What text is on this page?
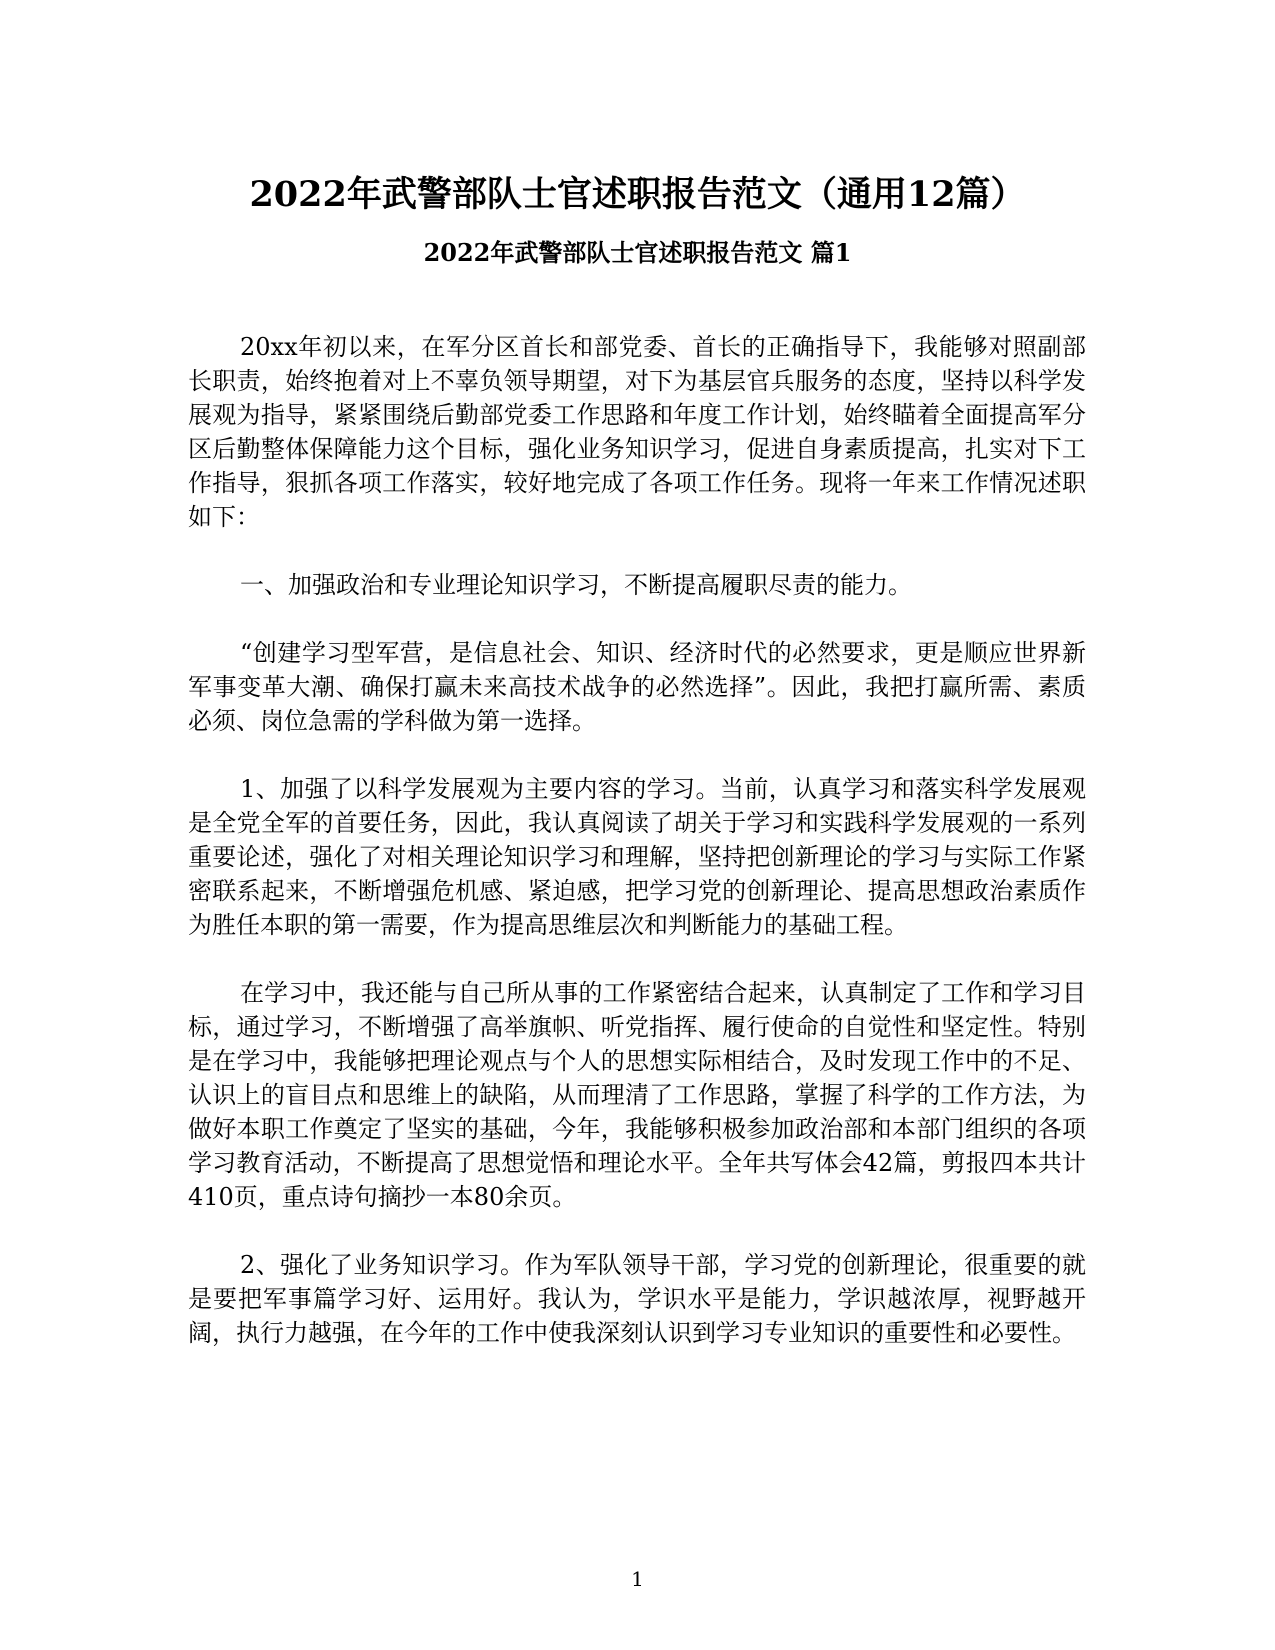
2022年武警部队士官述职报告范文（通用12篇）
2022年武警部队士官述职报告范文 篇1

20xx年初以来，在军分区首长和部党委、首长的正确指导下，我能够对照副部长职责，始终抱着对上不辜负领导期望，对下为基层官兵服务的态度，坚持以科学发展观为指导，紧紧围绕后勤部党委工作思路和年度工作计划，始终瞄着全面提高军分区后勤整体保障能力这个目标，强化业务知识学习，促进自身素质提高，扎实对下工作指导，狠抓各项工作落实，较好地完成了各项工作任务。现将一年来工作情况述职如下：

一、加强政治和专业理论知识学习，不断提高履职尽责的能力。

“创建学习型军营，是信息社会、知识、经济时代的必然要求，更是顺应世界新军事变革大潮、确保打赢未来高技术战争的必然选择”。因此，我把打赢所需、素质必须、岗位急需的学科做为第一选择。

1、加强了以科学发展观为主要内容的学习。当前，认真学习和落实科学发展观是全党全军的首要任务，因此，我认真阅读了胡关于学习和实践科学发展观的一系列重要论述，强化了对相关理论知识学习和理解，坚持把创新理论的学习与实际工作紧密联系起来，不断增强危机感、紧迫感，把学习党的创新理论、提高思想政治素质作为胜任本职的第一需要，作为提高思维层次和判断能力的基础工程。

在学习中，我还能与自己所从事的工作紧密结合起来，认真制定了工作和学习目标，通过学习，不断增强了高举旗帜、听党指挥、履行使命的自觉性和坚定性。特别是在学习中，我能够把理论观点与个人的思想实际相结合，及时发现工作中的不足、认识上的盲目点和思维上的缺陷，从而理清了工作思路，掌握了科学的工作方法，为做好本职工作奠定了坚实的基础，今年，我能够积极参加政治部和本部门组织的各项学习教育活动，不断提高了思想觉悟和理论水平。全年共写体会42篇，剪报四本共计410页，重点诗句摘抄一本80余页。

2、强化了业务知识学习。作为军队领导干部，学习党的创新理论，很重要的就是要把军事篇学习好、运用好。我认为，学识水平是能力，学识越浓厚，视野越开阔，执行力越强，在今年的工作中使我深刻认识到学习专业知识的重要性和必要性。

1
